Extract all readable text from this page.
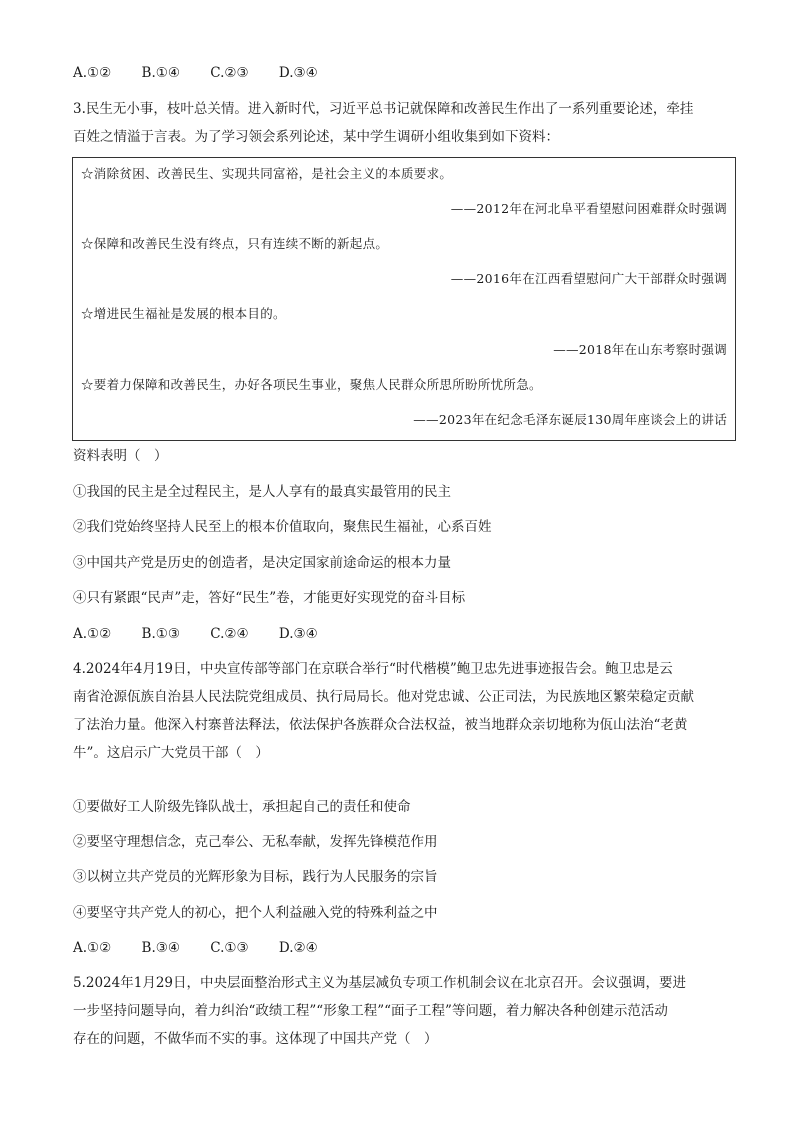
A.①② B.①④ C.②③ D.③④
3.民生无小事，枝叶总关情。进入新时代，习近平总书记就保障和改善民生作出了一系列重要论述，牵挂
百姓之情溢于言表。为了学习领会系列论述，某中学生调研小组收集到如下资料：
☆消除贫困、改善民生、实现共同富裕，是社会主义的本质要求。
——2012年在河北阜平看望慰问困难群众时强调
☆保障和改善民生没有终点，只有连续不断的新起点。
——2016年在江西看望慰问广大干部群众时强调
☆增进民生福祉是发展的根本目的。
——2018年在山东考察时强调
☆要着力保障和改善民生，办好各项民生事业，聚焦人民群众所思所盼所忧所急。
——2023年在纪念毛泽东诞辰130周年座谈会上的讲话
资料表明（　）
①我国的民主是全过程民主，是人人享有的最真实最管用的民主
②我们党始终坚持人民至上的根本价值取向，聚焦民生福祉，心系百姓
③中国共产党是历史的创造者，是决定国家前途命运的根本力量
④只有紧跟“民声”走，答好“民生”卷，才能更好实现党的奋斗目标
A.①② B.①③ C.②④ D.③④
4.2024年4月19日，中央宣传部等部门在京联合举行“时代楷模”鲍卫忠先进事迹报告会。鲍卫忠是云
南省沧源佤族自治县人民法院党组成员、执行局局长。他对党忠诚、公正司法，为民族地区繁荣稳定贡献
了法治力量。他深入村寨普法释法，依法保护各族群众合法权益，被当地群众亲切地称为佤山法治“老黄
牛”。这启示广大党员干部（　）
①要做好工人阶级先锋队战士，承担起自己的责任和使命
②要坚守理想信念，克己奉公、无私奉献，发挥先锋模范作用
③以树立共产党员的光辉形象为目标，践行为人民服务的宗旨
④要坚守共产党人的初心，把个人利益融入党的特殊利益之中
A.①② B.③④ C.①③ D.②④
5.2024年1月29日，中央层面整治形式主义为基层减负专项工作机制会议在北京召开。会议强调，要进
一步坚持问题导向，着力纠治“政绩工程”“形象工程”“面子工程”等问题，着力解决各种创建示范活动
存在的问题，不做华而不实的事。这体现了中国共产党（　）
